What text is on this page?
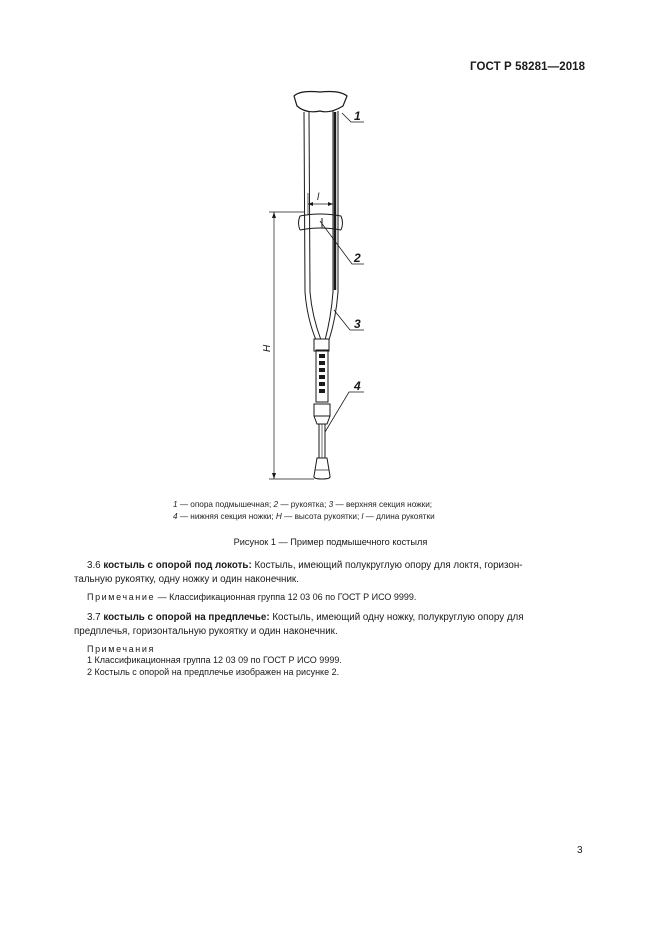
ГОСТ Р 58281—2018
1
2
3
4
l
H
1 — опора подмышечная; 2 — рукоятка; 3 — верхняя секция ножки;
4 — нижняя секция ножки; H — высота рукоятки; l — длина рукоятки
Рисунок 1 — Пример подмышечного костыля
3.6 костыль с опорой под локоть: Костыль, имеющий полукруглую опору для локтя, горизон-
тальную рукоятку, одну ножку и один наконечник.
Примечание — Классификационная группа 12 03 06 по ГОСТ Р ИСО 9999.
3.7 костыль с опорой на предплечье: Костыль, имеющий одну ножку, полукруглую опору для
предплечья, горизонтальную рукоятку и один наконечник.
Примечания
1 Классификационная группа 12 03 09 по ГОСТ Р ИСО 9999.
2 Костыль с опорой на предплечье изображен на рисунке 2.
3
